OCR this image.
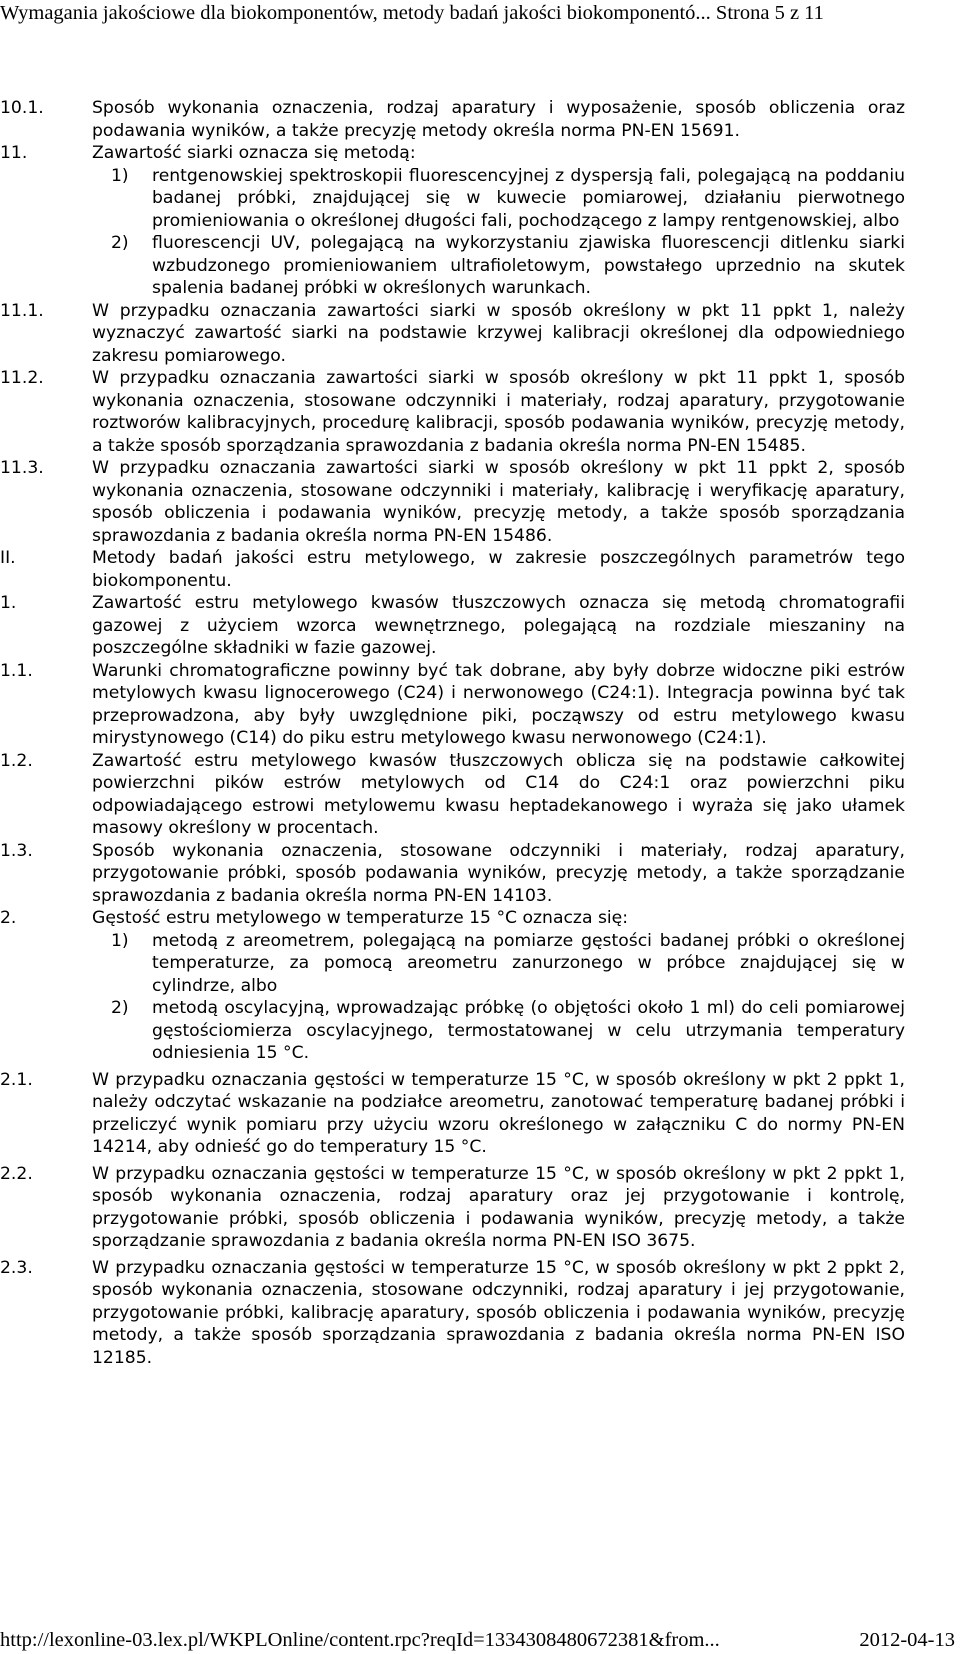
Wymagania jakościowe dla biokomponentów, metody badań jakości biokomponentó... Strona 5 z 11
10.1.	Sposób wykonania oznaczenia, rodzaj aparatury i wyposażenie, sposób obliczenia oraz podawania wyników, a także precyzję metody określa norma PN-EN 15691.
11.	Zawartość siarki oznacza się metodą:
1) rentgenowskiej spektroskopii fluorescencyjnej z dyspersją fali, polegającą na poddaniu badanej próbki, znajdującej się w kuwecie pomiarowej, działaniu pierwotnego promieniowania o określonej długości fali, pochodzącego z lampy rentgenowskiej, albo
2) fluorescencji UV, polegającą na wykorzystaniu zjawiska fluorescencji ditlenku siarki wzbudzonego promieniowaniem ultrafioletowym, powstałego uprzednio na skutek spalenia badanej próbki w określonych warunkach.
11.1.	W przypadku oznaczania zawartości siarki w sposób określony w pkt 11 ppkt 1, należy wyznaczyć zawartość siarki na podstawie krzywej kalibracji określonej dla odpowiedniego zakresu pomiarowego.
11.2.	W przypadku oznaczania zawartości siarki w sposób określony w pkt 11 ppkt 1, sposób wykonania oznaczenia, stosowane odczynniki i materiały, rodzaj aparatury, przygotowanie roztworów kalibracyjnych, procedurę kalibracji, sposób podawania wyników, precyzję metody, a także sposób sporządzania sprawozdania z badania określa norma PN-EN 15485.
11.3.	W przypadku oznaczania zawartości siarki w sposób określony w pkt 11 ppkt 2, sposób wykonania oznaczenia, stosowane odczynniki i materiały, kalibrację i weryfikację aparatury, sposób obliczenia i podawania wyników, precyzję metody, a także sposób sporządzania sprawozdania z badania określa norma PN-EN 15486.
II.	Metody badań jakości estru metylowego, w zakresie poszczególnych parametrów tego biokomponentu.
1.	Zawartość estru metylowego kwasów tłuszczowych oznacza się metodą chromatografii gazowej z użyciem wzorca wewnętrznego, polegającą na rozdziale mieszaniny na poszczególne składniki w fazie gazowej.
1.1.	Warunki chromatograficzne powinny być tak dobrane, aby były dobrze widoczne piki estrów metylowych kwasu lignocerowego (C24) i nerwonowego (C24:1). Integracja powinna być tak przeprowadzona, aby były uwzględnione piki, począwszy od estru metylowego kwasu mirystynowego (C14) do piku estru metylowego kwasu nerwonowego (C24:1).
1.2.	Zawartość estru metylowego kwasów tłuszczowych oblicza się na podstawie całkowitej powierzchni pików estrów metylowych od C14 do C24:1 oraz powierzchni piku odpowiadającego estrowi metylowemu kwasu heptadekanowego i wyraża się jako ułamek masowy określony w procentach.
1.3.	Sposób wykonania oznaczenia, stosowane odczynniki i materiały, rodzaj aparatury, przygotowanie próbki, sposób podawania wyników, precyzję metody, a także sporządzanie sprawozdania z badania określa norma PN-EN 14103.
2.	Gęstość estru metylowego w temperaturze 15 °C oznacza się:
1) metodą z areometrem, polegającą na pomiarze gęstości badanej próbki o określonej temperaturze, za pomocą areometru zanurzonego w próbce znajdującej się w cylindrze, albo
2) metodą oscylacyjną, wprowadzając próbkę (o objętości około 1 ml) do celi pomiarowej gęstościomierza oscylacyjnego, termostatowanej w celu utrzymania temperatury odniesienia 15 °C.
2.1.	W przypadku oznaczania gęstości w temperaturze 15 °C, w sposób określony w pkt 2 ppkt 1, należy odczytać wskazanie na podziałce areometru, zanotować temperaturę badanej próbki i przeliczyć wynik pomiaru przy użyciu wzoru określonego w załączniku C do normy PN-EN 14214, aby odnieść go do temperatury 15 °C.
2.2.	W przypadku oznaczania gęstości w temperaturze 15 °C, w sposób określony w pkt 2 ppkt 1, sposób wykonania oznaczenia, rodzaj aparatury oraz jej przygotowanie i kontrolę, przygotowanie próbki, sposób obliczenia i podawania wyników, precyzję metody, a także sporządzanie sprawozdania z badania określa norma PN-EN ISO 3675.
2.3.	W przypadku oznaczania gęstości w temperaturze 15 °C, w sposób określony w pkt 2 ppkt 2, sposób wykonania oznaczenia, stosowane odczynniki, rodzaj aparatury i jej przygotowanie, przygotowanie próbki, kalibrację aparatury, sposób obliczenia i podawania wyników, precyzję metody, a także sposób sporządzania sprawozdania z badania określa norma PN-EN ISO 12185.
http://lexonline-03.lex.pl/WKPLOnline/content.rpc?reqId=1334308480672381&from...	2012-04-13
